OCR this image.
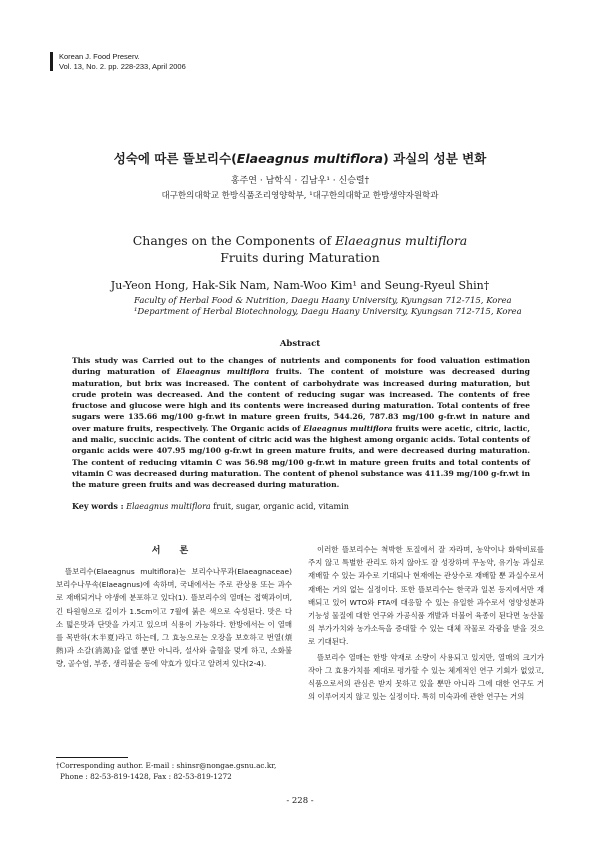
Korean J. Food Preserv.
Vol. 13, No. 2. pp. 228-233, April 2006
성숙에 따른 뜰보리수(Elaeagnus multiflora) 과실의 성분 변화
홍주연 · 남학식 · 김남우¹ · 신승렬†
대구한의대학교 한방식품조리영양학부, ¹대구한의대학교 한방생약자원학과
Changes on the Components of Elaeagnus multiflora
Fruits during Maturation
Ju-Yeon Hong, Hak-Sik Nam, Nam-Woo Kim¹ and Seung-Ryeul Shin†
Faculty of Herbal Food & Nutrition, Daegu Haany University, Kyungsan 712-715, Korea
¹Department of Herbal Biotechnology, Daegu Haany University, Kyungsan 712-715, Korea
Abstract
This study was Carried out to the changes of nutrients and components for food valuation estimation during maturation of Elaeagnus multiflora fruits. The content of moisture was decreased during maturation, but brix was increased. The content of carbohydrate was increased during maturation, but crude protein was decreased. And the content of reducing sugar was increased. The contents of free fructose and glucose were high and its contents were increased during maturation. Total contents of free sugars were 135.66 mg/100 g-fr.wt in mature green fruits, 544.26, 787.83 mg/100 g-fr.wt in nature and over mature fruits, respectively. The Organic acids of Elaeagnus multiflora fruits were acetic, citric, lactic, and malic, succinic acids. The content of citric acid was the highest among organic acids. Total contents of organic acids were 407.95 mg/100 g-fr.wt in green mature fruits, and were decreased during maturation. The content of reducing vitamin C was 56.98 mg/100 g-fr.wt in mature green fruits and total contents of vitamin C was decreased during maturation. The content of phenol substance was 411.39 mg/100 g-fr.wt in the mature green fruits and was decreased during maturation.
Key words : Elaeagnus multiflora fruit, sugar, organic acid, vitamin
서 론

뜰보리수(Elaeagnus multiflora)는 보리수나무과(Elaeagnaceae) 보리수나무속(Elaeagnus)에 속하며, 국내에서는 주로 관상용 또는 과수로 재배되거나 야생에 분포하고 있다(1). 뜰보리수의 열매는 접핵과이며, 긴 타원형으로 길이가 1.5cm이고 7월에 붉은 색으로 숙성된다. 맛은 다소 떫은맛과 단맛을 가지고 있으며 식용이 가능하다. 한방에서는 이 열매를 목반하(木半夏)라고 하는데, 그 효능으로는 오장을 보호하고 번열(煩熱)과 소갈(消渴)을 없앨 뿐만 아니라, 설사와 출혈을 멎게 하고, 소화불량, 골수염, 부종, 생리불순 등에 약효가 있다고 알려져 있다(2-4).

이러한 뜰보리수는 척박한 토질에서 잘 자라며, 농약이나 화학비료를 주지 않고 특별한 관리도 하지 않아도 잘 성장하며 무농약, 유기농 과실로 재배할 수 있는 과수로 기대되나 현재에는 관상수로 재배할 뿐 과실수로서 재배는 거의 없는 실정이다. 또한 뜰보리수는 한국과 일본 등지에서만 재배되고 있어 WTO와 FTA에 대응할 수 있는 유일한 과수로서 영양성분과 기능성 물질에 대한 연구와 가공식품 개발과 더불어 육종이 된다면 농산물의 부가가치와 농가소득을 증대할 수 있는 대체 작물로 각광을 받을 것으로 기대된다.

뜰보리수 열매는 한방 약재로 소량이 사용되고 있지만, 열매의 크기가 작아 그 효용가치를 제대로 평가할 수 있는 체계적인 연구 기회가 없었고, 식품으로서의 관심은 받지 못하고 있을 뿐만 아니라 그에 대한 연구도 거의 이루어지지 않고 있는 실정이다. 특히 미숙과에 관한 연구는 거의

†Corresponding author. E-mail : shinsr@nongae.gsnu.ac.kr,
Phone : 82-53-819-1428, Fax : 82-53-819-1272
- 228 -
